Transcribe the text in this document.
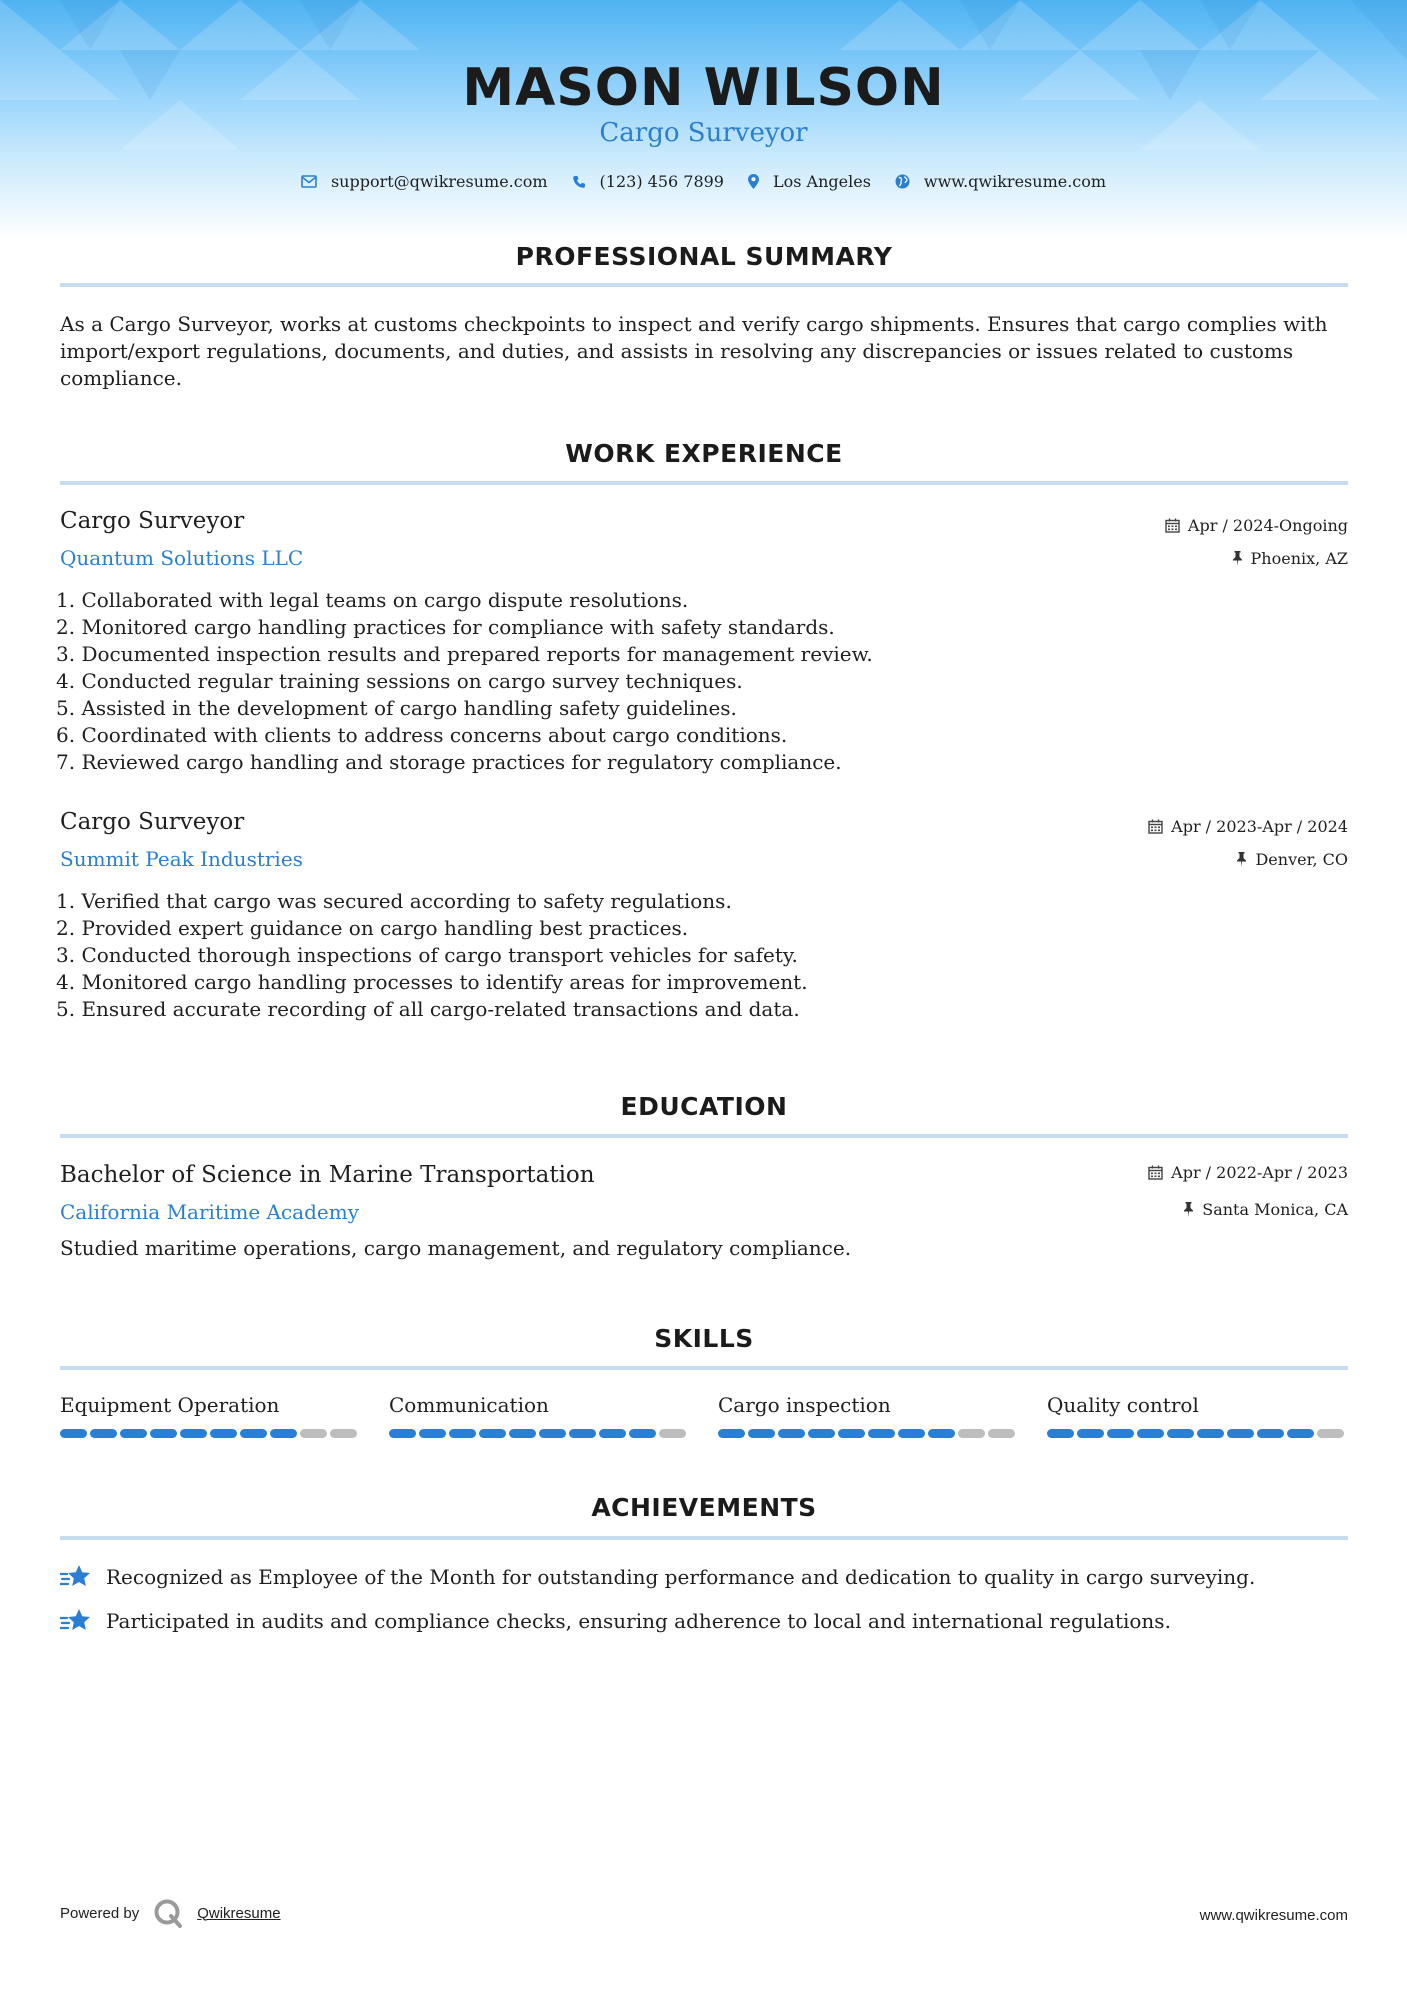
MASON WILSON
Cargo Surveyor
support@qwikresume.com	(123) 456 7899	Los Angeles	www.qwikresume.com
PROFESSIONAL SUMMARY
As a Cargo Surveyor, works at customs checkpoints to inspect and verify cargo shipments. Ensures that cargo complies with import/export regulations, documents, and duties, and assists in resolving any discrepancies or issues related to customs compliance.
WORK EXPERIENCE
Cargo Surveyor
Quantum Solutions LLC
Apr / 2024-Ongoing
Phoenix, AZ
1. Collaborated with legal teams on cargo dispute resolutions.
2. Monitored cargo handling practices for compliance with safety standards.
3. Documented inspection results and prepared reports for management review.
4. Conducted regular training sessions on cargo survey techniques.
5. Assisted in the development of cargo handling safety guidelines.
6. Coordinated with clients to address concerns about cargo conditions.
7. Reviewed cargo handling and storage practices for regulatory compliance.
Cargo Surveyor
Summit Peak Industries
Apr / 2023-Apr / 2024
Denver, CO
1. Verified that cargo was secured according to safety regulations.
2. Provided expert guidance on cargo handling best practices.
3. Conducted thorough inspections of cargo transport vehicles for safety.
4. Monitored cargo handling processes to identify areas for improvement.
5. Ensured accurate recording of all cargo-related transactions and data.
EDUCATION
Bachelor of Science in Marine Transportation
California Maritime Academy
Apr / 2022-Apr / 2023
Santa Monica, CA
Studied maritime operations, cargo management, and regulatory compliance.
SKILLS
Equipment Operation	Communication	Cargo inspection	Quality control
ACHIEVEMENTS
Recognized as Employee of the Month for outstanding performance and dedication to quality in cargo surveying.
Participated in audits and compliance checks, ensuring adherence to local and international regulations.
Powered by	Qwikresume	www.qwikresume.com
